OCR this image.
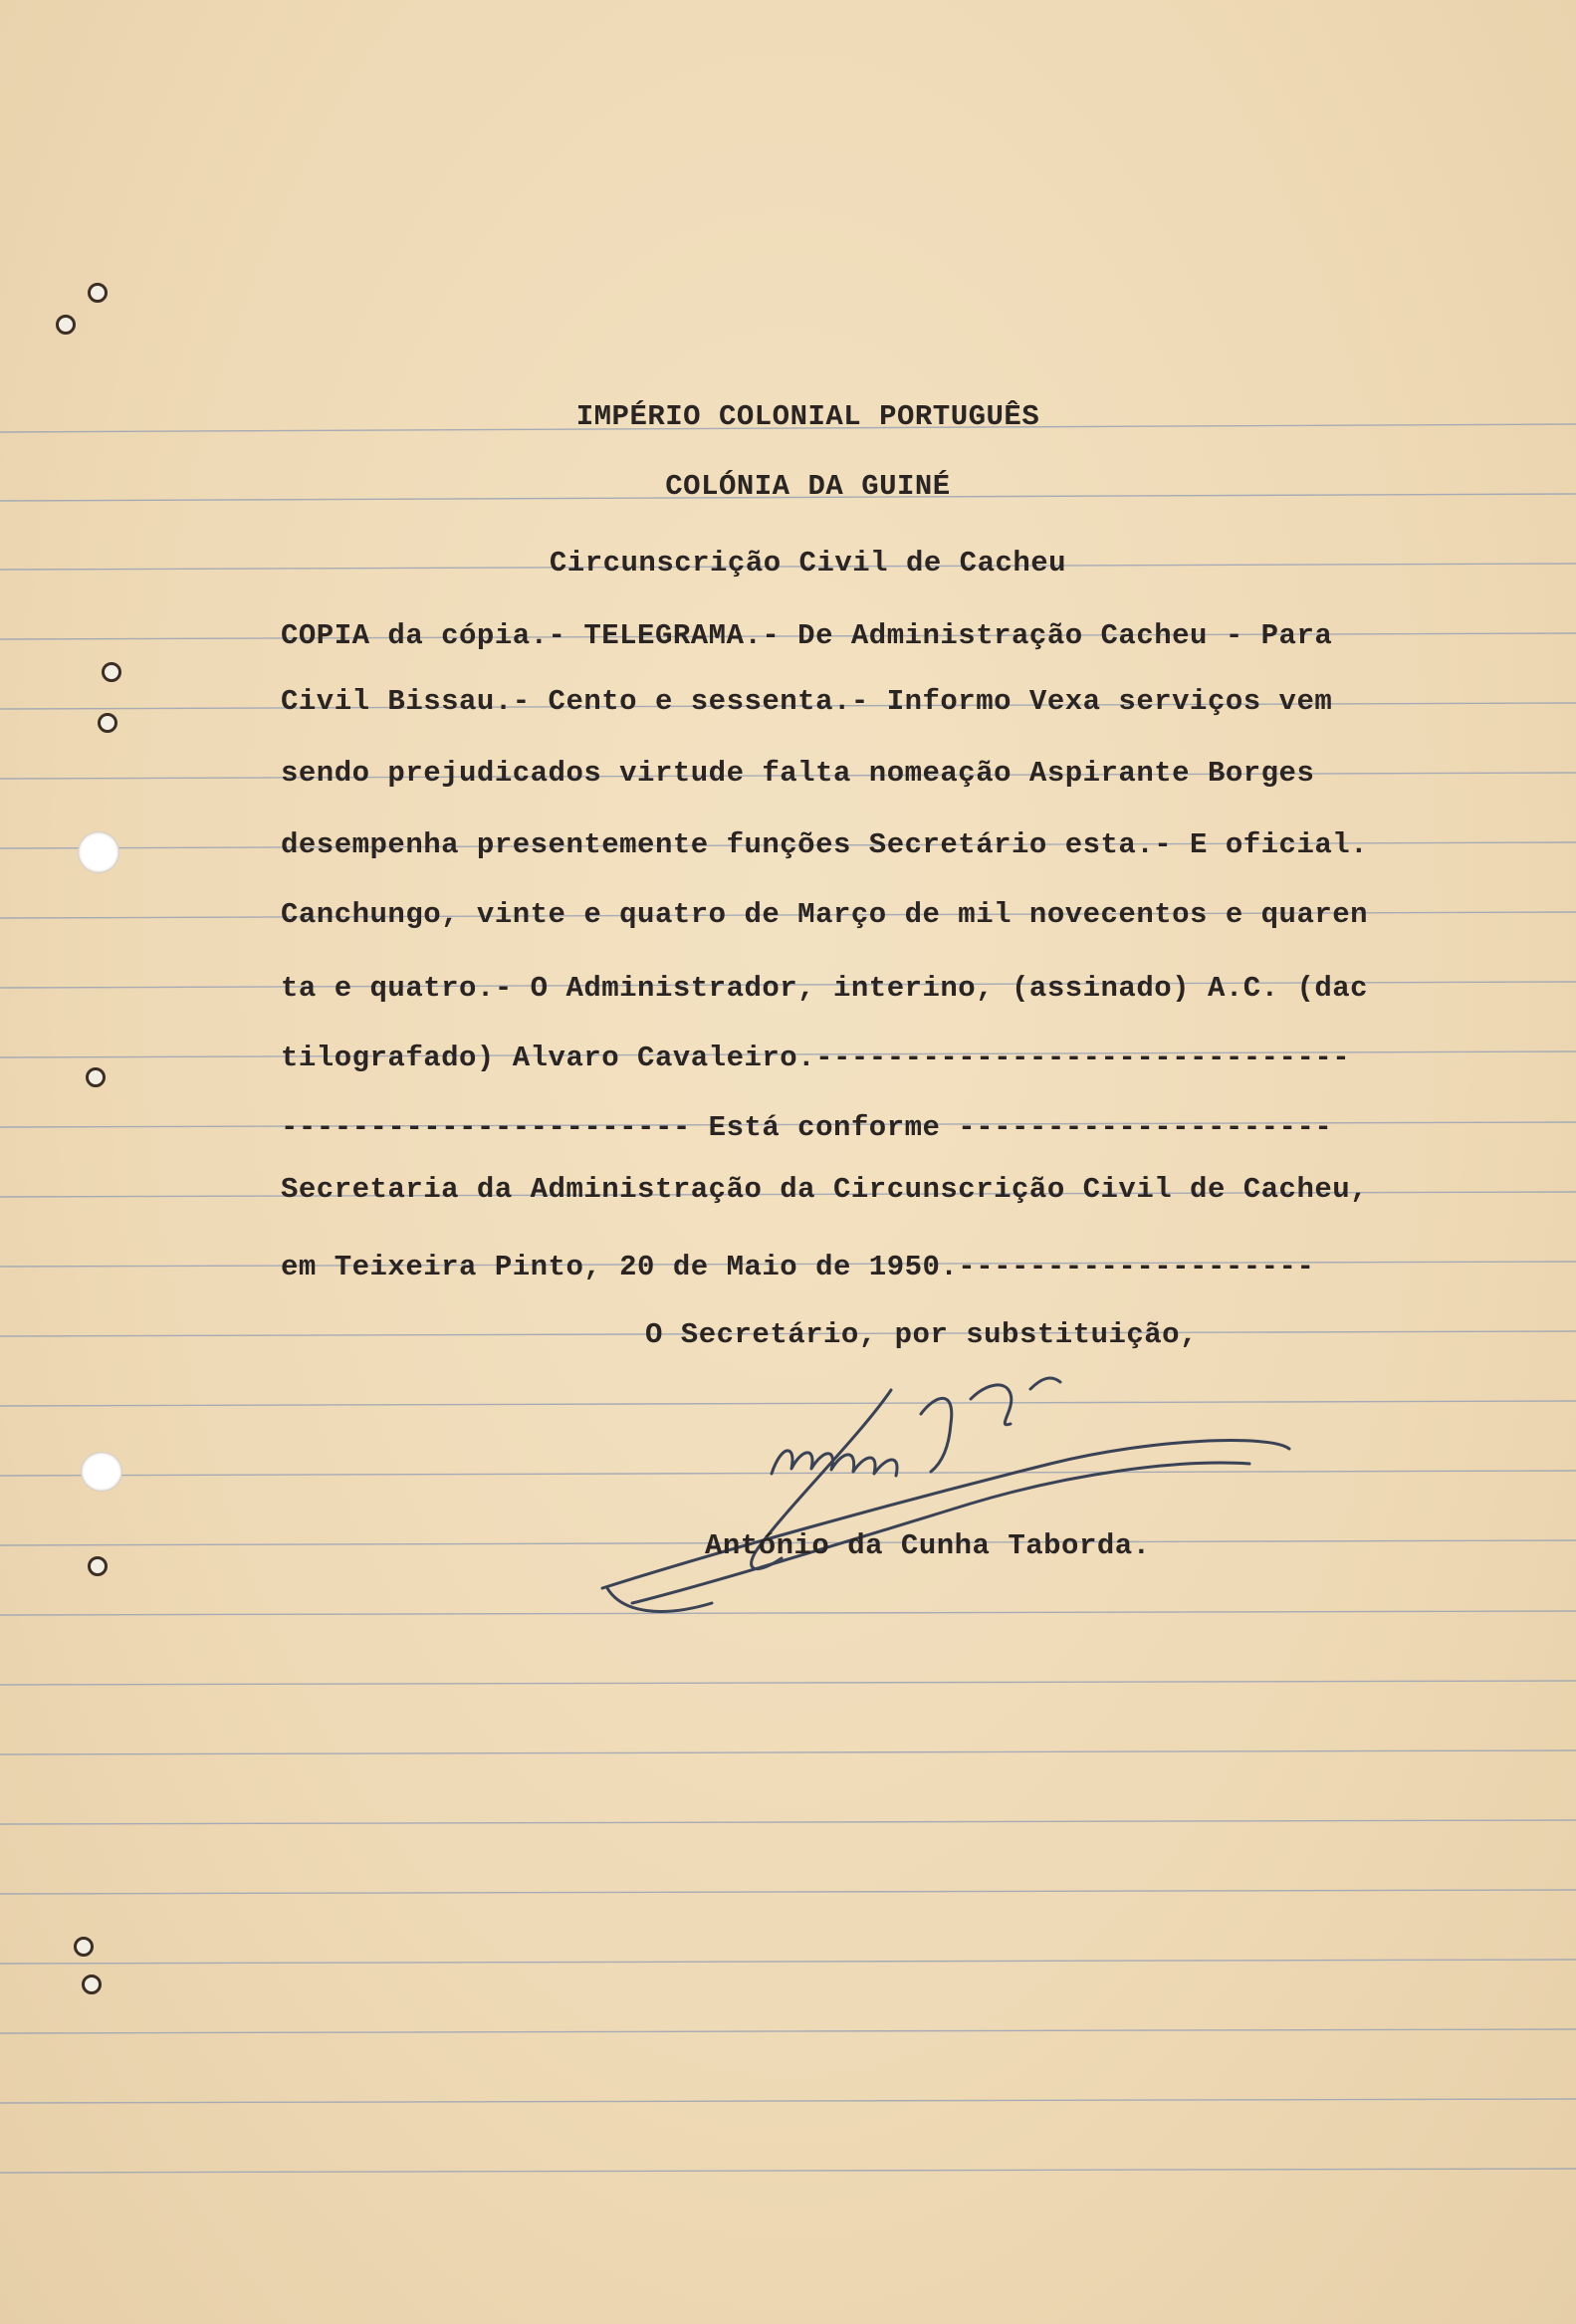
IMPÉRIO COLONIAL PORTUGUÊS

COLÓNIA DA GUINÉ

Circunscrição Civil de Cacheu

COPIA da cópia.- TELEGRAMA.- De Administração Cacheu - Para

Civil Bissau.- Cento e sessenta.- Informo Vexa serviços vem

sendo prejudicados virtude falta nomeação Aspirante Borges

desempenha presentemente funções Secretário esta.- E oficial.

Canchungo, vinte e quatro de Março de mil novecentos e quaren

ta e quatro.- O Administrador, interino, (assinado) A.C. (dac

tilografado) Alvaro Cavaleiro.------------------------------

----------------------- Está conforme ---------------------

Secretaria da Administração da Circunscrição Civil de Cacheu,

em Teixeira Pinto, 20 de Maio de 1950.--------------------

O Secretário, por substituição,

António da Cunha Taborda.
